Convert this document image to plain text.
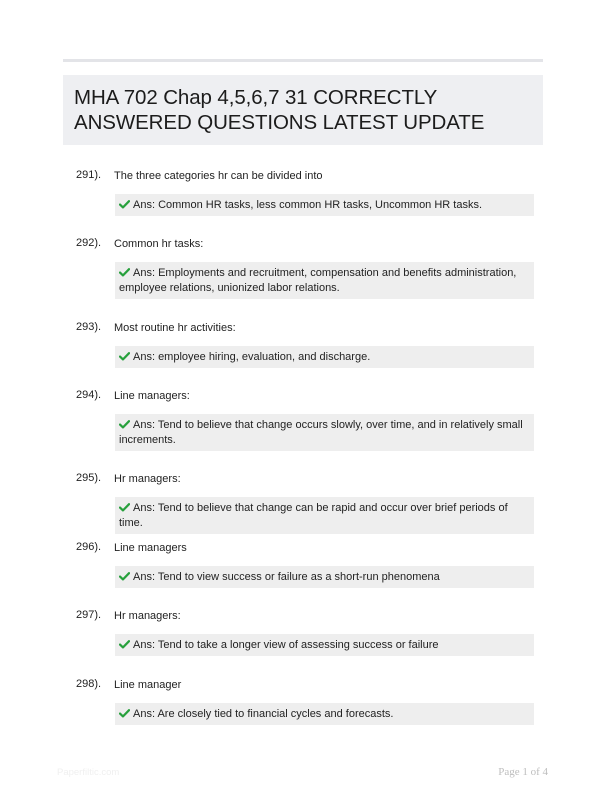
MHA 702 Chap 4,5,6,7 31 CORRECTLY ANSWERED QUESTIONS LATEST UPDATE
291). The three categories hr can be divided into
Ans: Common HR tasks, less common HR tasks, Uncommon HR tasks.
292). Common hr tasks:
Ans: Employments and recruitment, compensation and benefits administration, employee relations, unionized labor relations.
293). Most routine hr activities:
Ans: employee hiring, evaluation, and discharge.
294). Line managers:
Ans: Tend to believe that change occurs slowly, over time, and in relatively small increments.
295). Hr managers:
Ans: Tend to believe that change can be rapid and occur over brief periods of time.
296). Line managers
Ans: Tend to view success or failure as a short-run phenomena
297). Hr managers:
Ans: Tend to take a longer view of assessing success or failure
298). Line manager
Ans: Are closely tied to financial cycles and forecasts.
Paperfiltic.com	Page 1 of 4
